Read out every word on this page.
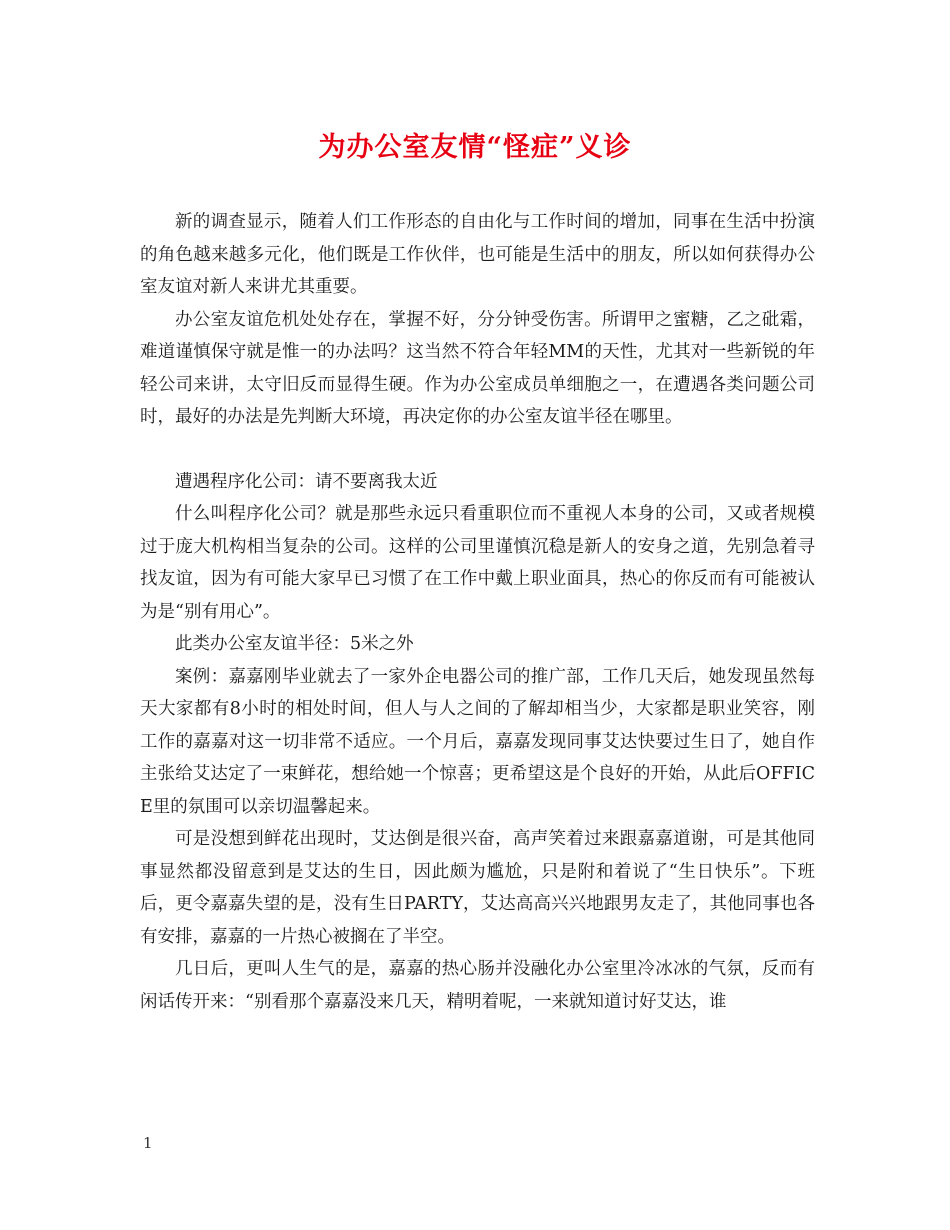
为办公室友情“怪症”义诊

新的调查显示，随着人们工作形态的自由化与工作时间的增加，同事在生活中扮演的角色越来越多元化，他们既是工作伙伴，也可能是生活中的朋友，所以如何获得办公室友谊对新人来讲尤其重要。

办公室友谊危机处处存在，掌握不好，分分钟受伤害。所谓甲之蜜糖，乙之砒霜，难道谨慎保守就是惟一的办法吗？这当然不符合年轻MM的天性，尤其对一些新锐的年轻公司来讲，太守旧反而显得生硬。作为办公室成员单细胞之一，在遭遇各类问题公司时，最好的办法是先判断大环境，再决定你的办公室友谊半径在哪里。

遭遇程序化公司：请不要离我太近

什么叫程序化公司？就是那些永远只看重职位而不重视人本身的公司，又或者规模过于庞大机构相当复杂的公司。这样的公司里谨慎沉稳是新人的安身之道，先别急着寻找友谊，因为有可能大家早已习惯了在工作中戴上职业面具，热心的你反而有可能被认为是“别有用心”。

此类办公室友谊半径：5米之外

案例：嘉嘉刚毕业就去了一家外企电器公司的推广部，工作几天后，她发现虽然每天大家都有8小时的相处时间，但人与人之间的了解却相当少，大家都是职业笑容，刚工作的嘉嘉对这一切非常不适应。一个月后，嘉嘉发现同事艾达快要过生日了，她自作主张给艾达定了一束鲜花，想给她一个惊喜；更希望这是个良好的开始，从此后OFFICE里的氛围可以亲切温馨起来。

可是没想到鲜花出现时，艾达倒是很兴奋，高声笑着过来跟嘉嘉道谢，可是其他同事显然都没留意到是艾达的生日，因此颇为尴尬，只是附和着说了“生日快乐”。下班后，更令嘉嘉失望的是，没有生日PARTY，艾达高高兴兴地跟男友走了，其他同事也各有安排，嘉嘉的一片热心被搁在了半空。

几日后，更叫人生气的是，嘉嘉的热心肠并没融化办公室里冷冰冰的气氛，反而有闲话传开来：“别看那个嘉嘉没来几天，精明着呢，一来就知道讨好艾达，谁

1
